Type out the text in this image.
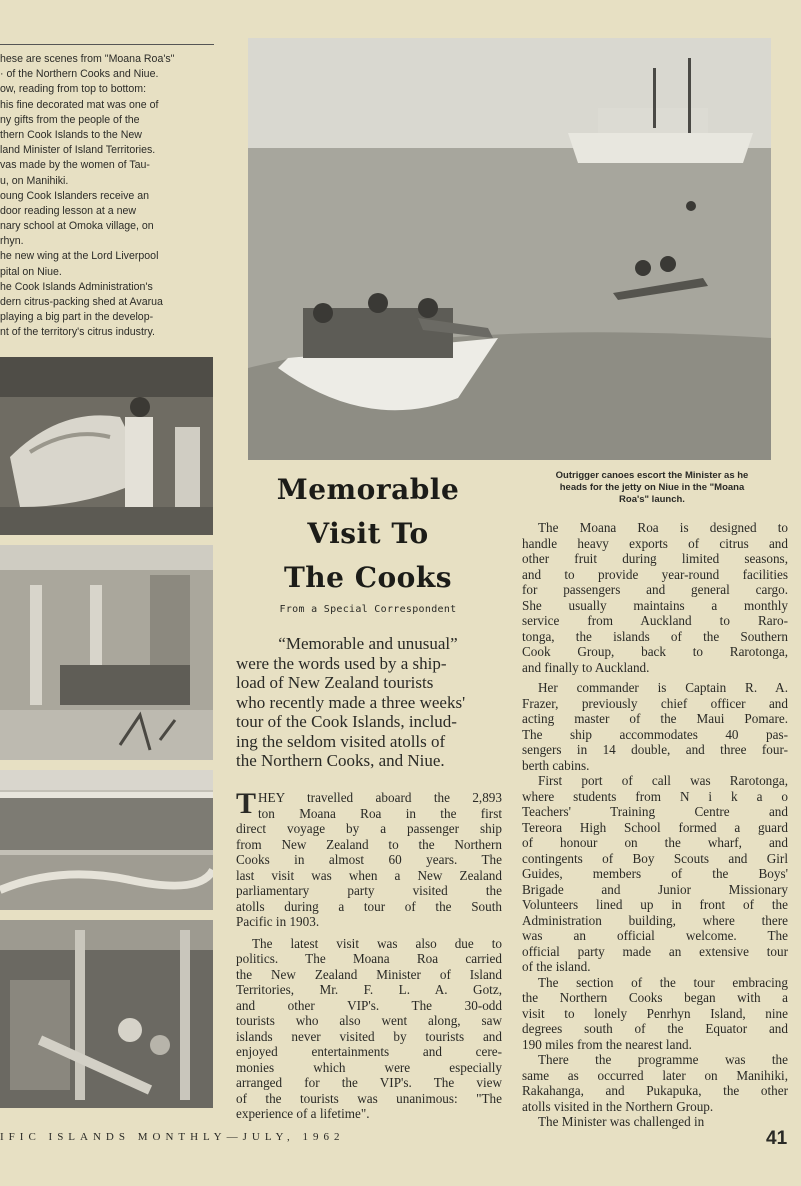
hese are scenes from "Moana Roa's"
· of the Northern Cooks and Niue.
ow, reading from top to bottom:
his fine decorated mat was one of
ny gifts from the people of the
thern Cook Islands to the New
land Minister of Island Territories.
vas made by the women of Tau-
u, on Manihiki.
oung Cook Islanders receive an
door reading lesson at a new
nary school at Omoka village, on
rhyn.
he new wing at the Lord Liverpool
pital on Niue.
he Cook Islands Administration's
dern citrus-packing shed at Avarua
playing a big part in the develop-
nt of the territory's citrus industry.
Outrigger canoes escort the Minister as he
heads for the jetty on Niue in the "Moana
Roa's" launch.
Memorable
Visit To
The Cooks
From a Special Correspondent
“Memorable and unusual”
were the words used by a ship-
load of New Zealand tourists
who recently made a three weeks'
tour of the Cook Islands, includ-
ing the seldom visited atolls of
the Northern Cooks, and Niue.
T HEY travelled aboard the 2,893
ton Moana Roa in the first
direct voyage by a passenger ship
from New Zealand to the Northern
Cooks in almost 60 years. The
last visit was when a New Zealand
parliamentary party visited the
atolls during a tour of the South
Pacific in 1903.
The latest visit was also due to
politics. The Moana Roa carried
the New Zealand Minister of Island
Territories, Mr. F. L. A. Gotz,
and other VIP's. The 30-odd
tourists who also went along, saw
islands never visited by tourists and
enjoyed entertainments and cere-
monies which were especially
arranged for the VIP's. The view
of the tourists was unanimous: "The
experience of a lifetime".
The Moana Roa is designed to
handle heavy exports of citrus and
other fruit during limited seasons,
and to provide year-round facilities
for passengers and general cargo.
She usually maintains a monthly
service from Auckland to Raro-
tonga, the islands of the Southern
Cook Group, back to Rarotonga,
and finally to Auckland.
Her commander is Captain R. A.
Frazer, previously chief officer and
acting master of the Maui Pomare.
The ship accommodates 40 pas-
sengers in 14 double, and three four-
berth cabins.
First port of call was Rarotonga,
where students from N i k a o
Teachers' Training Centre and
Tereora High School formed a guard
of honour on the wharf, and
contingents of Boy Scouts and Girl
Guides, members of the Boys'
Brigade and Junior Missionary
Volunteers lined up in front of the
Administration building, where there
was an official welcome. The
official party made an extensive tour
of the island.
The section of the tour embracing
the Northern Cooks began with a
visit to lonely Penrhyn Island, nine
degrees south of the Equator and
190 miles from the nearest land.
There the programme was the
same as occurred later on Manihiki,
Rakahanga, and Pukapuka, the other
atolls visited in the Northern Group.
The Minister was challenged in
IFIC ISLANDS MONTHLY—JULY, 1962	41
